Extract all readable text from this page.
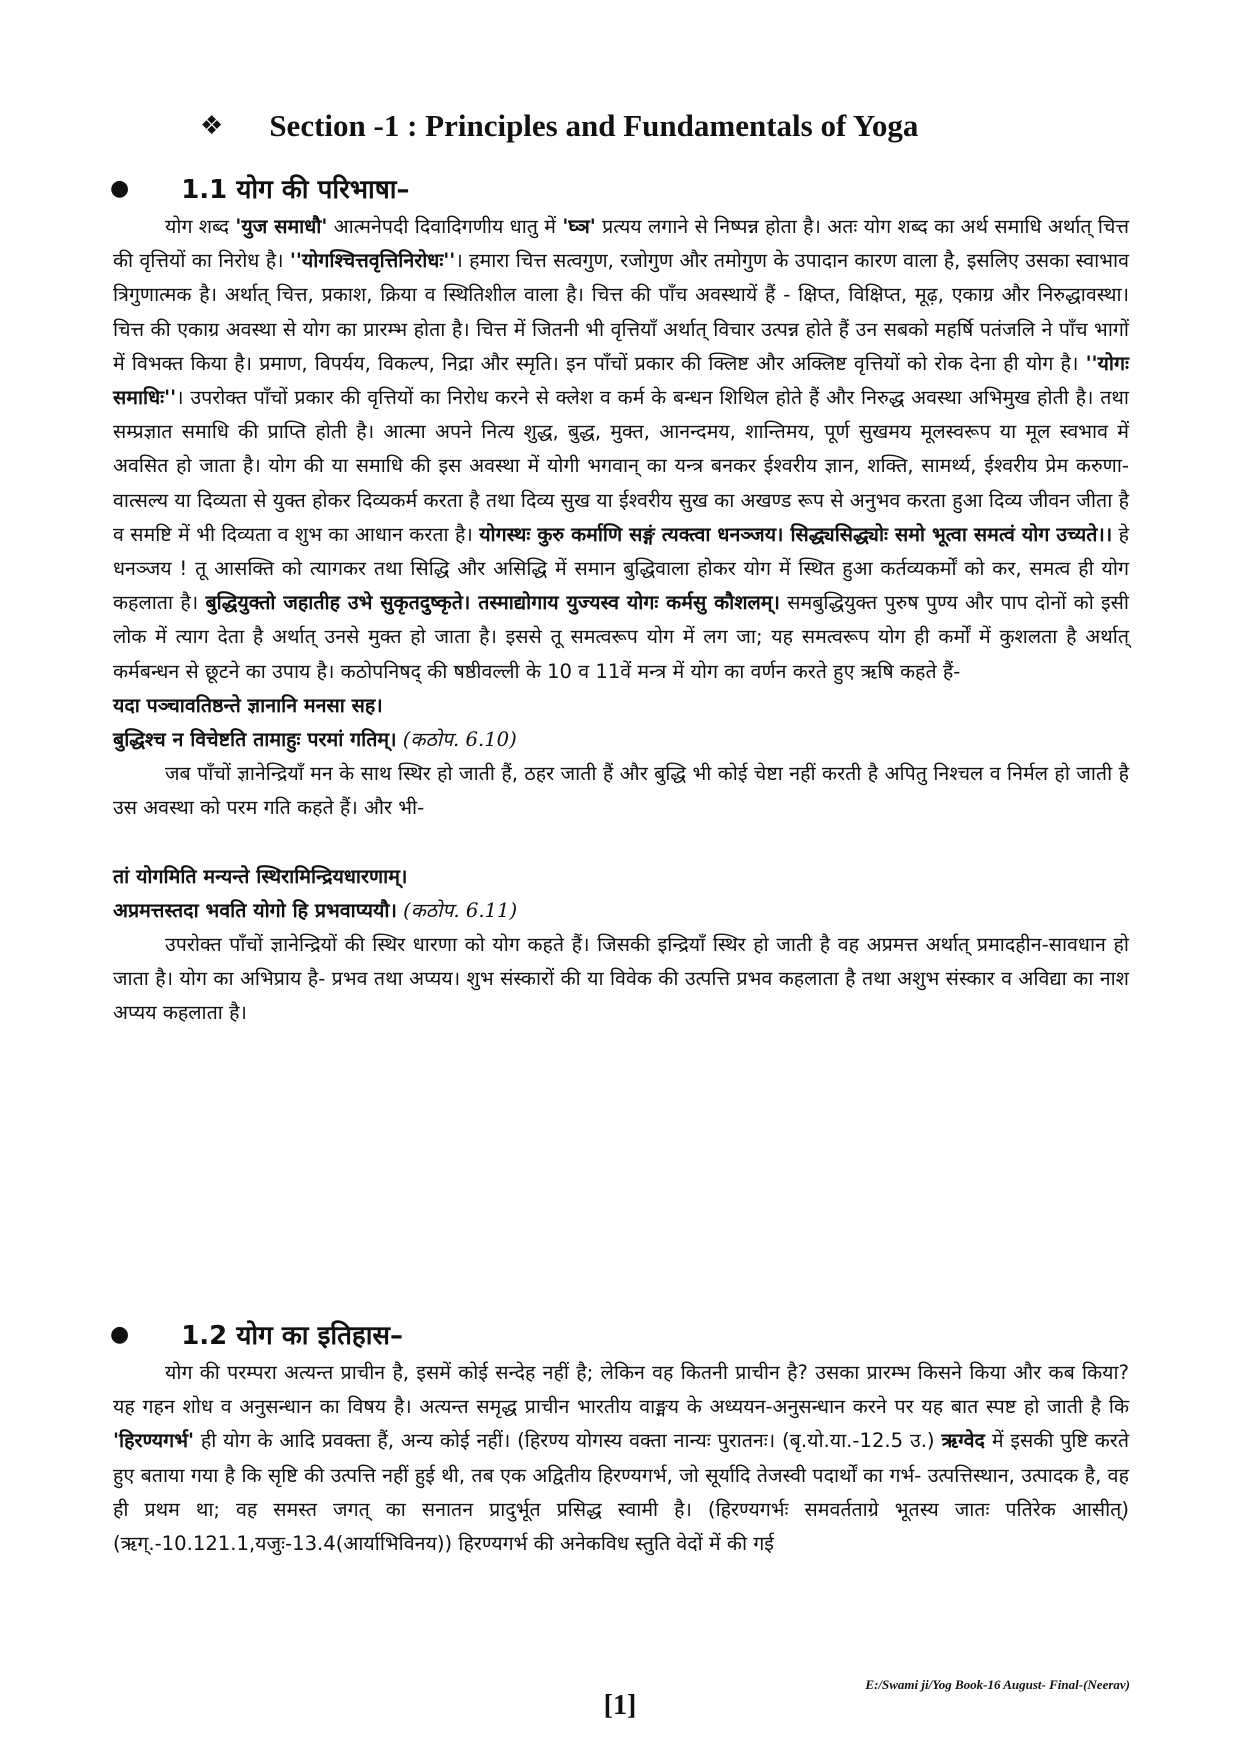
❖ Section -1 : Principles and Fundamentals of Yoga
● 1.1 योग की परिभाषा–

योग शब्द 'युज समाधौ' आत्मनेपदी दिवादिगणीय धातु में 'घ्ञ' प्रत्यय लगाने से निष्पन्न होता है। अतः योग शब्द का अर्थ समाधि अर्थात् चित्त की वृत्तियों का निरोध है। ''योगश्चित्तवृत्तिनिरोधः''। हमारा चित्त सत्वगुण, रजोगुण और तमोगुण के उपादान कारण वाला है, इसलिए उसका स्वाभाव त्रिगुणात्मक है। अर्थात् चित्त, प्रकाश, क्रिया व स्थितिशील वाला है। चित्त की पाँच अवस्थायें हैं - क्षिप्त, विक्षिप्त, मूढ़, एकाग्र और निरुद्धावस्था। चित्त की एकाग्र अवस्था से योग का प्रारम्भ होता है। चित्त में जितनी भी वृत्तियाँ अर्थात् विचार उत्पन्न होते हैं उन सबको महर्षि पतंजलि ने पाँच भागों में विभक्त किया है। प्रमाण, विपर्यय, विकल्प, निद्रा और स्मृति। इन पाँचों प्रकार की क्लिष्ट और अक्लिष्ट वृत्तियों को रोक देना ही योग है। ''योगः समाधिः''। उपरोक्त पाँचों प्रकार की वृत्तियों का निरोध करने से क्लेश व कर्म के बन्धन शिथिल होते हैं और निरुद्ध अवस्था अभिमुख होती है। तथा सम्प्रज्ञात समाधि की प्राप्ति होती है। आत्मा अपने नित्य शुद्ध, बुद्ध, मुक्त, आनन्दमय, शान्तिमय, पूर्ण सुखमय मूलस्वरूप या मूल स्वभाव में अवसित हो जाता है। योग की या समाधि की इस अवस्था में योगी भगवान् का यन्त्र बनकर ईश्वरीय ज्ञान, शक्ति, सामर्थ्य, ईश्वरीय प्रेम करुणा-वात्सल्य या दिव्यता से युक्त होकर दिव्यकर्म करता है तथा दिव्य सुख या ईश्वरीय सुख का अखण्ड रूप से अनुभव करता हुआ दिव्य जीवन जीता है व समष्टि में भी दिव्यता व शुभ का आधान करता है। योगस्थः कुरु कर्माणि सङ्गं त्यक्त्वा धनञ्जय। सिद्ध्यसिद्ध्योः समो भूत्वा समत्वं योग उच्यते।। हे धनञ्जय ! तू आसक्ति को त्यागकर तथा सिद्धि और असिद्धि में समान बुद्धिवाला होकर योग में स्थित हुआ कर्तव्यकर्मों को कर, समत्व ही योग कहलाता है। बुद्धियुक्तो जहातीह उभे सुकृतदुष्कृते। तस्माद्योगाय युज्यस्व योगः कर्मसु कौशलम्। समबुद्धियुक्त पुरुष पुण्य और पाप दोनों को इसी लोक में त्याग देता है अर्थात् उनसे मुक्त हो जाता है। इससे तू समत्वरूप योग में लग जा; यह समत्वरूप योग ही कर्मों में कुशलता है अर्थात् कर्मबन्धन से छूटने का उपाय है। कठोपनिषद् की षष्ठीवल्ली के 10 व 11वें मन्त्र में योग का वर्णन करते हुए ऋषि कहते हैं-

यदा पञ्चावतिष्ठन्ते ज्ञानानि मनसा सह।
बुद्धिश्च न विचेष्टति तामाहुः परमां गतिम्। (कठोप. 6.10)

जब पाँचों ज्ञानेन्द्रियाँ मन के साथ स्थिर हो जाती हैं, ठहर जाती हैं और बुद्धि भी कोई चेष्टा नहीं करती है अपितु निश्चल व निर्मल हो जाती है उस अवस्था को परम गति कहते हैं। और भी-

तां योगमिति मन्यन्ते स्थिरामिन्द्रियधारणाम्।
अप्रमत्तस्तदा भवति योगो हि प्रभवाप्ययौ। (कठोप. 6.11)

उपरोक्त पाँचों ज्ञानेन्द्रियों की स्थिर धारणा को योग कहते हैं। जिसकी इन्द्रियाँ स्थिर हो जाती है वह अप्रमत्त अर्थात् प्रमादहीन-सावधान हो जाता है। योग का अभिप्राय है- प्रभव तथा अप्यय। शुभ संस्कारों की या विवेक की उत्पत्ति प्रभव कहलाता है तथा अशुभ संस्कार व अविद्या का नाश अप्यय कहलाता है।

● 1.2 योग का इतिहास–

योग की परम्परा अत्यन्त प्राचीन है, इसमें कोई सन्देह नहीं है; लेकिन वह कितनी प्राचीन है? उसका प्रारम्भ किसने किया और कब किया? यह गहन शोध व अनुसन्धान का विषय है। अत्यन्त समृद्ध प्राचीन भारतीय वाङ्मय के अध्ययन-अनुसन्धान करने पर यह बात स्पष्ट हो जाती है कि 'हिरण्यगर्भ' ही योग के आदि प्रवक्ता हैं, अन्य कोई नहीं। (हिरण्य योगस्य वक्ता नान्यः पुरातनः। (बृ.यो.या.-12.5 उ.) ऋग्वेद में इसकी पुष्टि करते हुए बताया गया है कि सृष्टि की उत्पत्ति नहीं हुई थी, तब एक अद्वितीय हिरण्यगर्भ, जो सूर्यादि तेजस्वी पदार्थों का गर्भ- उत्पत्तिस्थान, उत्पादक है, वह ही प्रथम था; वह समस्त जगत् का सनातन प्रादुर्भूत प्रसिद्ध स्वामी है। (हिरण्यगर्भः समवर्तताग्रे भूतस्य जातः पतिरेक आसीत्)(ऋग्.-10.121.1,यजुः-13.4(आर्याभिविनय)) हिरण्यगर्भ की अनेकविध स्तुति वेदों में की गई

E:/Swami ji/Yog Book-16 August- Final-(Neerav)
[1]
